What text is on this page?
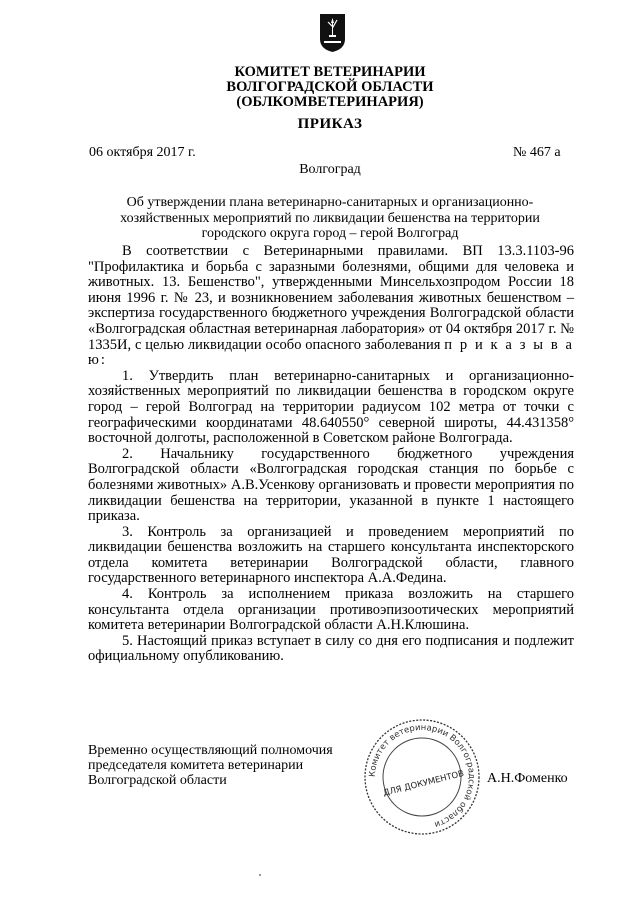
КОМИТЕТ ВЕТЕРИНАРИИ
ВОЛГОГРАДСКОЙ ОБЛАСТИ
(ОБЛКОМВЕТЕРИНАРИЯ)
ПРИКАЗ
06 октября 2017 г.	№ 467 а
Волгоград
Об утверждении плана ветеринарно-санитарных и организационно-
хозяйственных мероприятий по ликвидации бешенства на территории
городского округа город – герой Волгоград

В соответствии с Ветеринарными правилами. ВП 13.3.1103-96 "Профилактика и борьба с заразными болезнями, общими для человека и животных. 13. Бешенство", утвержденными Минсельхозпродом России 18 июня 1996 г. № 23, и возникновением заболевания животных бешенством – экспертиза государственного бюджетного учреждения Волгоградской области «Волгоградская областная ветеринарная лаборатория» от 04 октября 2017 г. № 1335И, с целью ликвидации особо опасного заболевания п р и к а з ы в а ю:

1. Утвердить план ветеринарно-санитарных и организационно-хозяйственных мероприятий по ликвидации бешенства в городском округе город – герой Волгоград на территории радиусом 102 метра от точки с географическими координатами 48.640550° северной широты, 44.431358° восточной долготы, расположенной в Советском районе Волгограда.

2. Начальнику государственного бюджетного учреждения Волгоградской области «Волгоградская городская станция по борьбе с болезнями животных» А.В.Усенкову организовать и провести мероприятия по ликвидации бешенства на территории, указанной в пункте 1 настоящего приказа.

3. Контроль за организацией и проведением мероприятий по ликвидации бешенства возложить на старшего консультанта инспекторского отдела комитета ветеринарии Волгоградской области, главного государственного ветеринарного инспектора А.А.Федина.

4. Контроль за исполнением приказа возложить на старшего консультанта отдела организации противоэпизоотических мероприятий комитета ветеринарии Волгоградской области А.Н.Клюшина.

5. Настоящий приказ вступает в силу со дня его подписания и подлежит официальному опубликованию.

Временно осуществляющий полномочия
председателя комитета ветеринарии
Волгоградской области	Комитет ветеринарии Волгоградской области
ДЛЯ ДОКУМЕНТОВ А.Н.Фоменко
